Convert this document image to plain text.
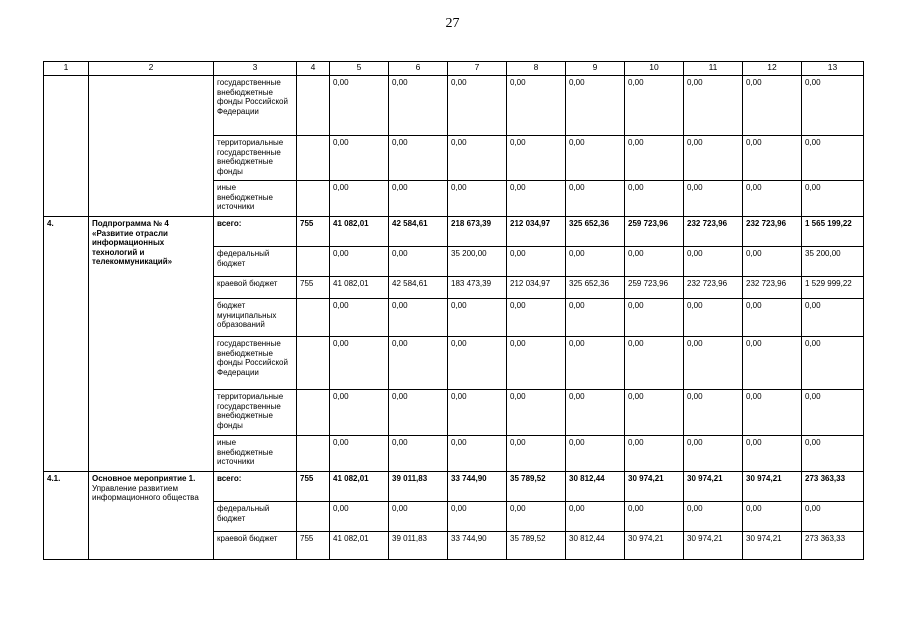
27
1	2	3	4	5	6	7	8	9	10	11	12	13
		государственные внебюджетные фонды Российской Федерации		0,00	0,00	0,00	0,00	0,00	0,00	0,00	0,00	0,00
		территориальные государственные внебюджетные фонды		0,00	0,00	0,00	0,00	0,00	0,00	0,00	0,00	0,00
		иные внебюджетные источники		0,00	0,00	0,00	0,00	0,00	0,00	0,00	0,00	0,00
4.	Подпрограмма № 4 «Развитие отрасли информационных технологий и телекоммуникаций»	всего:	755	41 082,01	42 584,61	218 673,39	212 034,97	325 652,36	259 723,96	232 723,96	232 723,96	1 565 199,22
		федеральный бюджет		0,00	0,00	35 200,00	0,00	0,00	0,00	0,00	0,00	35 200,00
		краевой бюджет	755	41 082,01	42 584,61	183 473,39	212 034,97	325 652,36	259 723,96	232 723,96	232 723,96	1 529 999,22
		бюджет муниципальных образований		0,00	0,00	0,00	0,00	0,00	0,00	0,00	0,00	0,00
		государственные внебюджетные фонды Российской Федерации		0,00	0,00	0,00	0,00	0,00	0,00	0,00	0,00	0,00
		территориальные государственные внебюджетные фонды		0,00	0,00	0,00	0,00	0,00	0,00	0,00	0,00	0,00
		иные внебюджетные источники		0,00	0,00	0,00	0,00	0,00	0,00	0,00	0,00	0,00
4.1.	Основное мероприятие 1. Управление развитием информационного общества	всего:	755	41 082,01	39 011,83	33 744,90	35 789,52	30 812,44	30 974,21	30 974,21	30 974,21	273 363,33
		федеральный бюджет		0,00	0,00	0,00	0,00	0,00	0,00	0,00	0,00	0,00
		краевой бюджет	755	41 082,01	39 011,83	33 744,90	35 789,52	30 812,44	30 974,21	30 974,21	30 974,21	273 363,33
